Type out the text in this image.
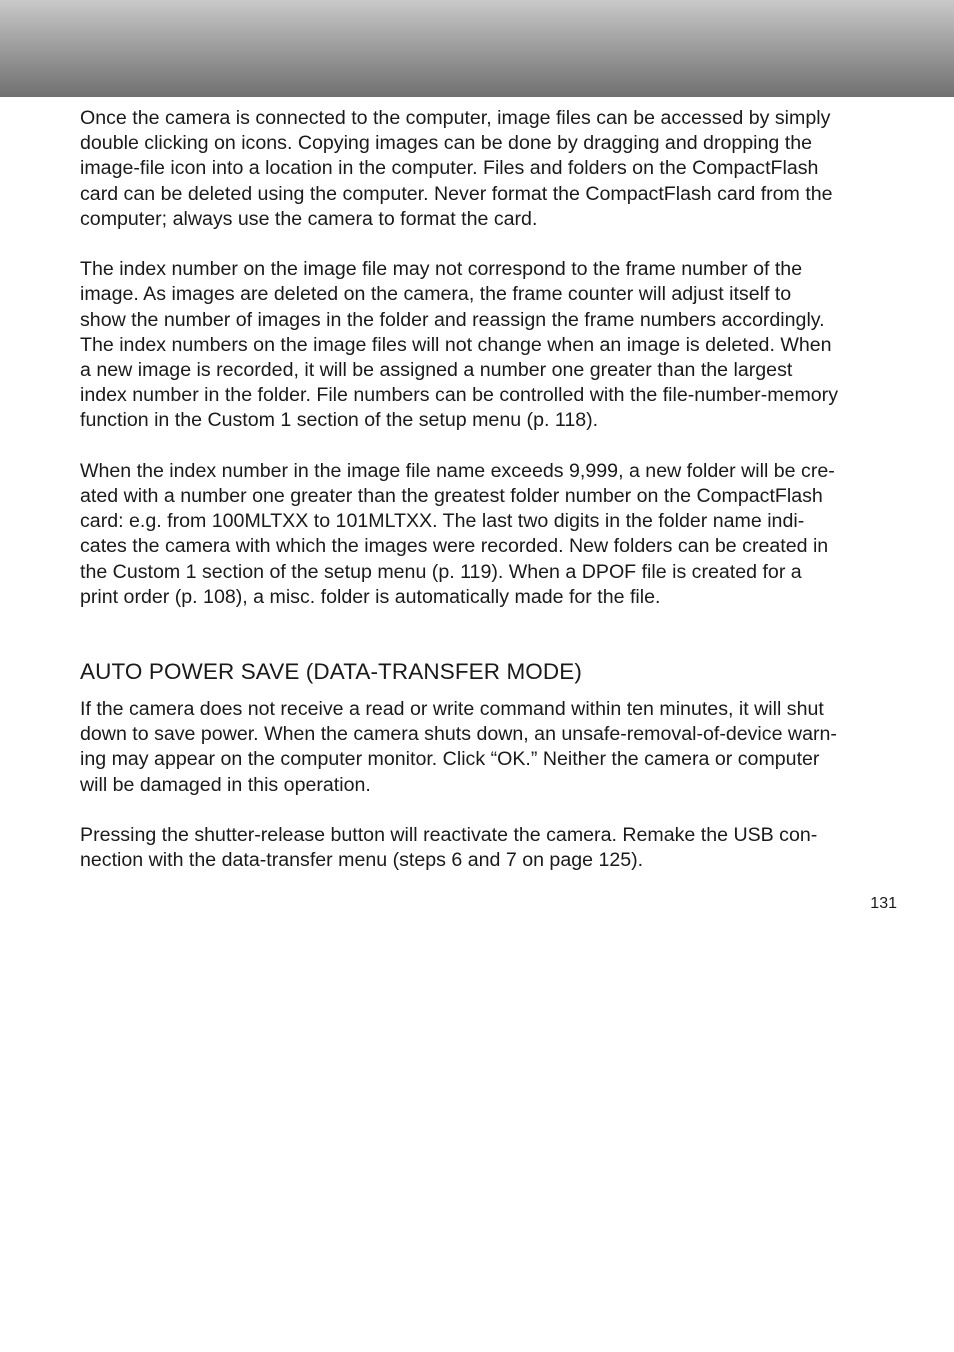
Once the camera is connected to the computer, image files can be accessed by simply
double clicking on icons. Copying images can be done by dragging and dropping the
image-file icon into a location in the computer. Files and folders on the CompactFlash
card can be deleted using the computer. Never format the CompactFlash card from the
computer; always use the camera to format the card.

The index number on the image file may not correspond to the frame number of the
image. As images are deleted on the camera, the frame counter will adjust itself to
show the number of images in the folder and reassign the frame numbers accordingly.
The index numbers on the image files will not change when an image is deleted. When
a new image is recorded, it will be assigned a number one greater than the largest
index number in the folder. File numbers can be controlled with the file-number-memory
function in the Custom 1 section of the setup menu (p. 118).

When the index number in the image file name exceeds 9,999, a new folder will be cre-
ated with a number one greater than the greatest folder number on the CompactFlash
card: e.g. from 100MLTXX to 101MLTXX. The last two digits in the folder name indi-
cates the camera with which the images were recorded. New folders can be created in
the Custom 1 section of the setup menu (p. 119). When a DPOF file is created for a
print order (p. 108), a misc. folder is automatically made for the file.

AUTO POWER SAVE (DATA-TRANSFER MODE)

If the camera does not receive a read or write command within ten minutes, it will shut
down to save power. When the camera shuts down, an unsafe-removal-of-device warn-
ing may appear on the computer monitor. Click “OK.” Neither the camera or computer
will be damaged in this operation.

Pressing the shutter-release button will reactivate the camera. Remake the USB con-
nection with the data-transfer menu (steps 6 and 7 on page 125).

131
